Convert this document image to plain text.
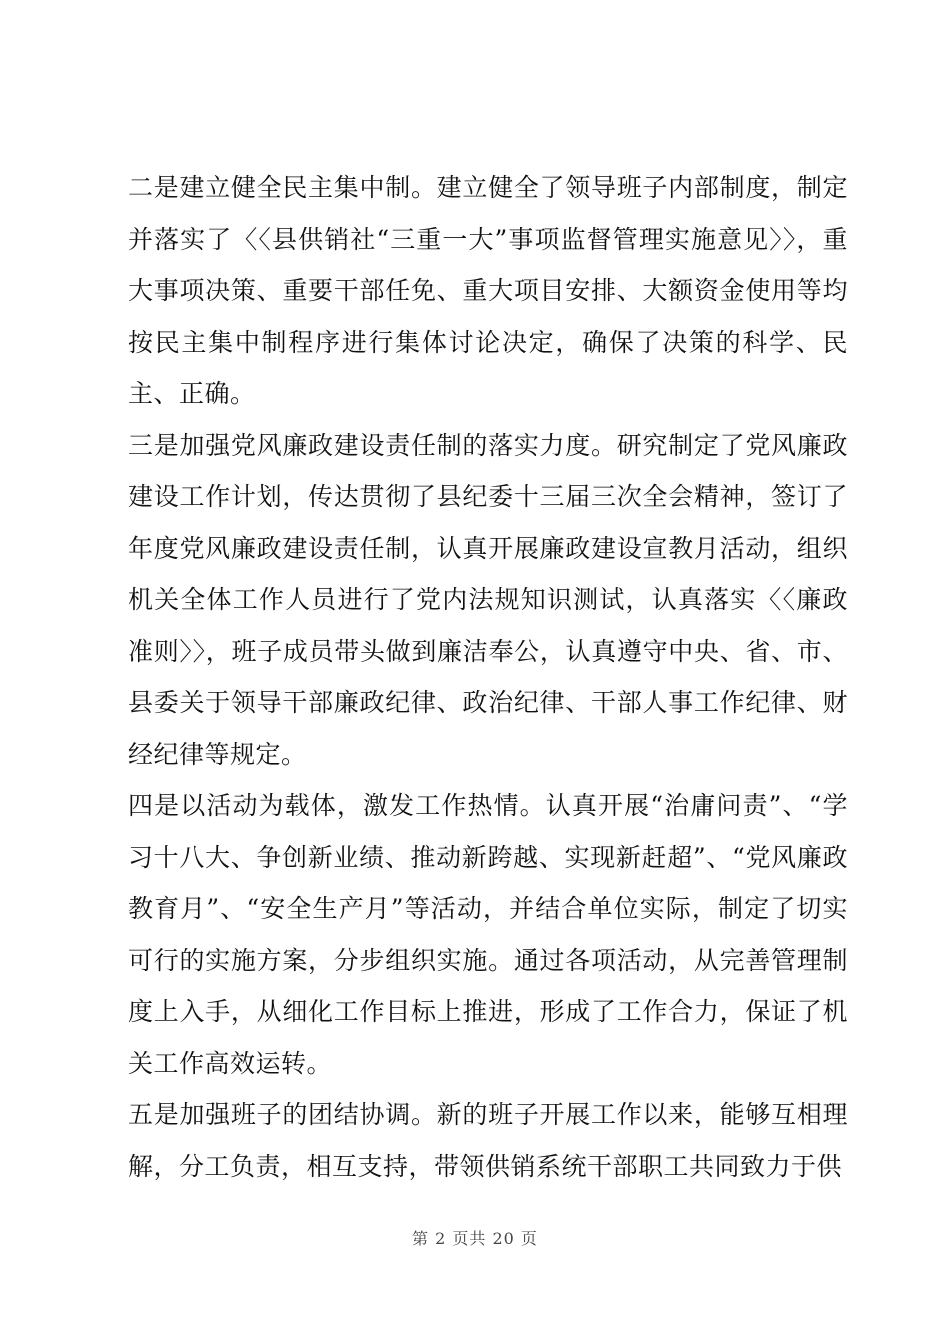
二是建立健全民主集中制。建立健全了领导班子内部制度，制定并落实了〈〈县供销社“三重一大”事项监督管理实施意见〉〉，重大事项决策、重要干部任免、重大项目安排、大额资金使用等均按民主集中制程序进行集体讨论决定，确保了决策的科学、民主、正确。

三是加强党风廉政建设责任制的落实力度。研究制定了党风廉政建设工作计划，传达贯彻了县纪委十三届三次全会精神，签订了年度党风廉政建设责任制，认真开展廉政建设宣教月活动，组织机关全体工作人员进行了党内法规知识测试，认真落实〈〈廉政准则〉〉，班子成员带头做到廉洁奉公，认真遵守中央、省、市、县委关于领导干部廉政纪律、政治纪律、干部人事工作纪律、财经纪律等规定。

四是以活动为载体，激发工作热情。认真开展“治庸问责”、“学习十八大、争创新业绩、推动新跨越、实现新赶超”、“党风廉政教育月”、“安全生产月”等活动，并结合单位实际，制定了切实可行的实施方案，分步组织实施。通过各项活动，从完善管理制度上入手，从细化工作目标上推进，形成了工作合力，保证了机关工作高效运转。

五是加强班子的团结协调。新的班子开展工作以来，能够互相理解，分工负责，相互支持，带领供销系统干部职工共同致力于供

第 2 页共 20 页
